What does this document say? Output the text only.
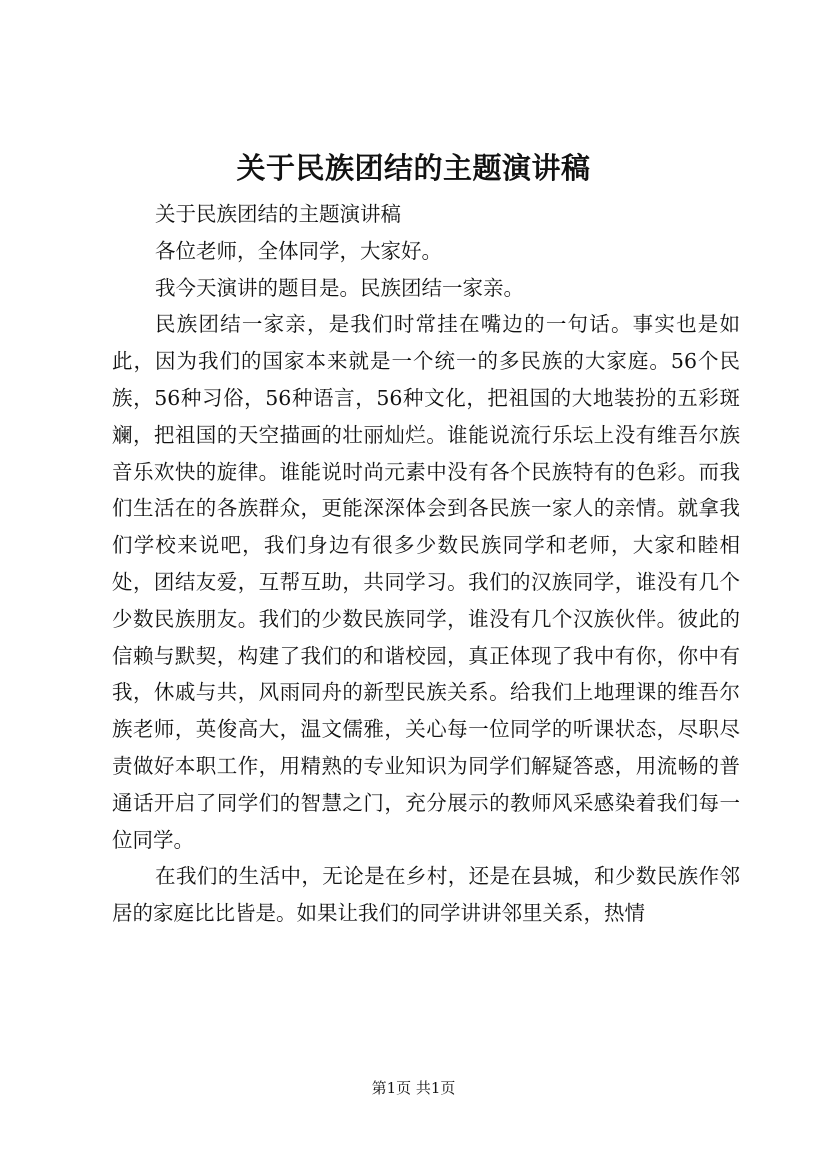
关于民族团结的主题演讲稿

关于民族团结的主题演讲稿

各位老师，全体同学，大家好。

我今天演讲的题目是。民族团结一家亲。

民族团结一家亲，是我们时常挂在嘴边的一句话。事实也是如此，因为我们的国家本来就是一个统一的多民族的大家庭。56个民族，56种习俗，56种语言，56种文化，把祖国的大地装扮的五彩斑斓，把祖国的天空描画的壮丽灿烂。谁能说流行乐坛上没有维吾尔族音乐欢快的旋律。谁能说时尚元素中没有各个民族特有的色彩。而我们生活在的各族群众，更能深深体会到各民族一家人的亲情。就拿我们学校来说吧，我们身边有很多少数民族同学和老师，大家和睦相处，团结友爱，互帮互助，共同学习。我们的汉族同学，谁没有几个少数民族朋友。我们的少数民族同学，谁没有几个汉族伙伴。彼此的信赖与默契，构建了我们的和谐校园，真正体现了我中有你，你中有我，休戚与共，风雨同舟的新型民族关系。给我们上地理课的维吾尔族老师，英俊高大，温文儒雅，关心每一位同学的听课状态，尽职尽责做好本职工作，用精熟的专业知识为同学们解疑答惑，用流畅的普通话开启了同学们的智慧之门，充分展示的教师风采感染着我们每一位同学。

在我们的生活中，无论是在乡村，还是在县城，和少数民族作邻居的家庭比比皆是。如果让我们的同学讲讲邻里关系，热情

第1页 共1页
